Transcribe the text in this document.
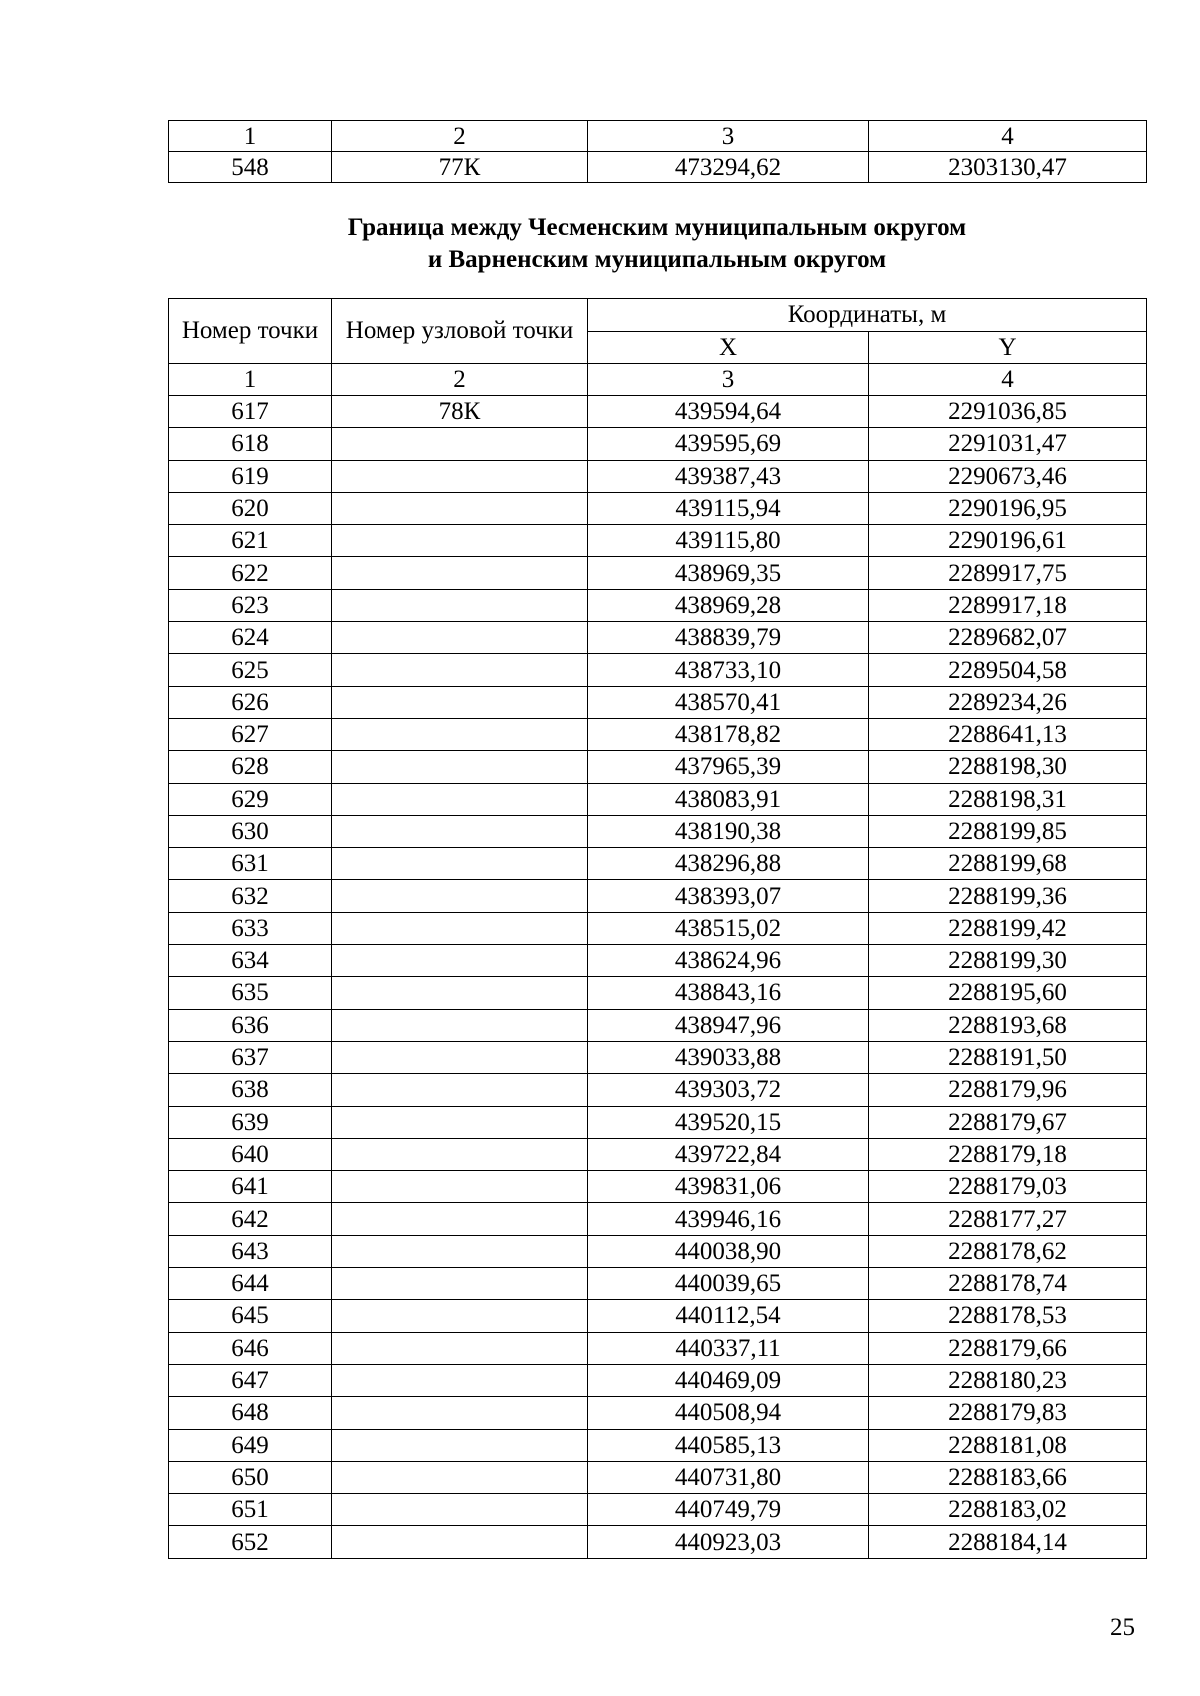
1	2	3	4
548	77К	473294,62	2303130,47
Граница между Чесменским муниципальным округом
и Варненским муниципальным округом
Номер точки	Номер узловой точки	Координаты, м	
		X	Y
1	2	3	4
617	78К	439594,64	2291036,85
618		439595,69	2291031,47
619		439387,43	2290673,46
620		439115,94	2290196,95
621		439115,80	2290196,61
622		438969,35	2289917,75
623		438969,28	2289917,18
624		438839,79	2289682,07
625		438733,10	2289504,58
626		438570,41	2289234,26
627		438178,82	2288641,13
628		437965,39	2288198,30
629		438083,91	2288198,31
630		438190,38	2288199,85
631		438296,88	2288199,68
632		438393,07	2288199,36
633		438515,02	2288199,42
634		438624,96	2288199,30
635		438843,16	2288195,60
636		438947,96	2288193,68
637		439033,88	2288191,50
638		439303,72	2288179,96
639		439520,15	2288179,67
640		439722,84	2288179,18
641		439831,06	2288179,03
642		439946,16	2288177,27
643		440038,90	2288178,62
644		440039,65	2288178,74
645		440112,54	2288178,53
646		440337,11	2288179,66
647		440469,09	2288180,23
648		440508,94	2288179,83
649		440585,13	2288181,08
650		440731,80	2288183,66
651		440749,79	2288183,02
652		440923,03	2288184,14
25
